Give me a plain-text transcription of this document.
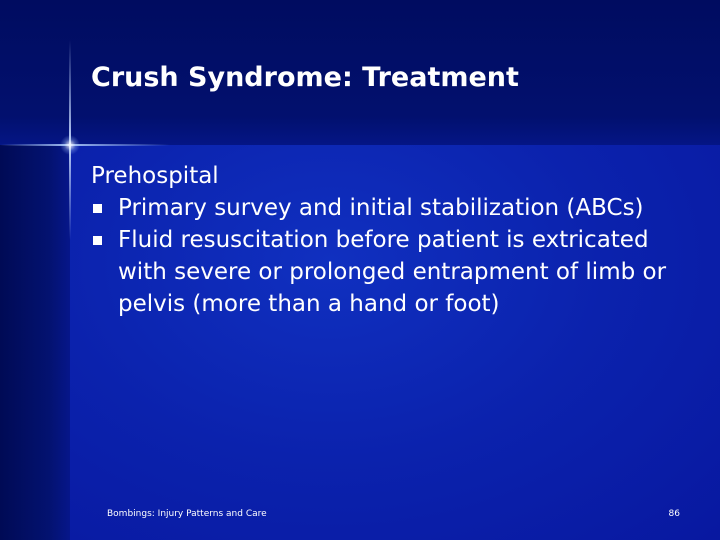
Crush Syndrome: Treatment

Prehospital

Primary survey and initial stabilization (ABCs)
Fluid resuscitation before patient is extricated with severe or prolonged entrapment of limb or pelvis (more than a hand or foot)
Bombings: Injury Patterns and Care	86
